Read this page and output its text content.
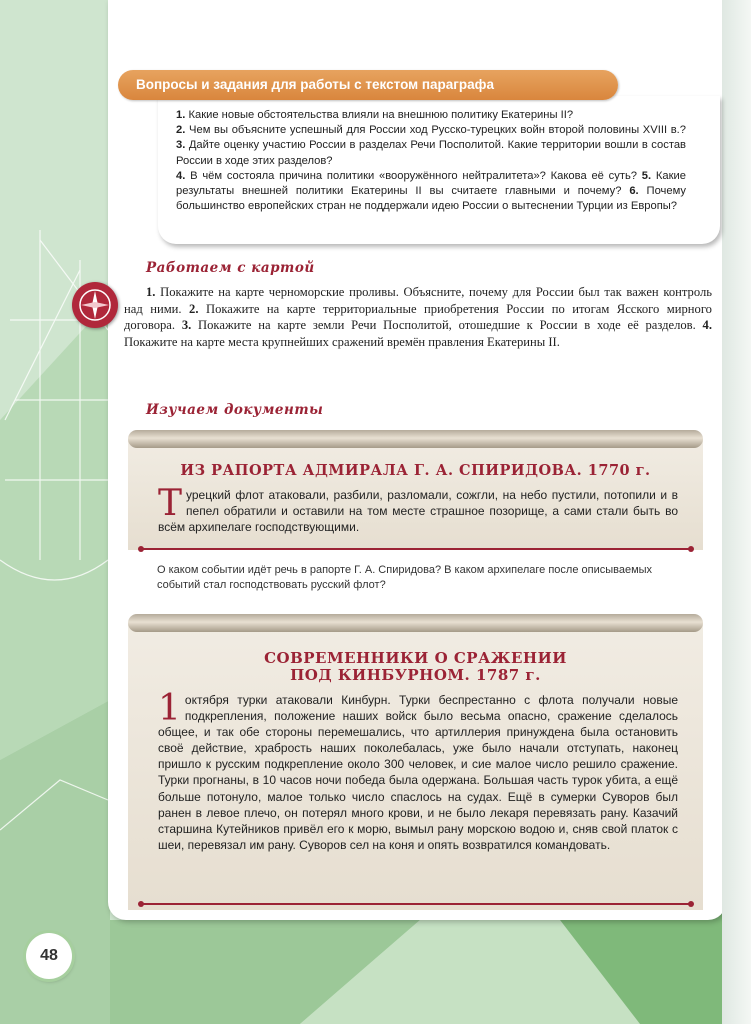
Вопросы и задания для работы с текстом параграфа
1. Какие новые обстоятельства влияли на внешнюю политику Екатерины II?
2. Чем вы объясните успешный для России ход Русско-турецких войн второй половины XVIII в.? 3. Дайте оценку участию России в разделах Речи Посполитой. Какие территории вошли в состав России в ходе этих разделов?
4. В чём состояла причина политики «вооружённого нейтралитета»? Какова её суть? 5. Какие результаты внешней политики Екатерины II вы считаете главными и почему? 6. Почему большинство европейских стран не поддержали идею России о вытеснении Турции из Европы?
Работаем с картой
1. Покажите на карте черноморские проливы. Объясните, почему для России был так важен контроль над ними. 2. Покажите на карте территориальные приобретения России по итогам Ясского мирного договора. 3. Покажите на карте земли Речи Посполитой, отошедшие к России в ходе её разделов. 4. Покажите на карте места крупнейших сражений времён правления Екатерины II.
Изучаем документы
ИЗ РАПОРТА АДМИРАЛА Г. А. СПИРИДОВА. 1770 г.
Турецкий флот атаковали, разбили, разломали, сожгли, на небо пустили, потопили и в пепел обратили и оставили на том месте страшное позорище, а сами стали быть во всём архипелаге господствующими.
О каком событии идёт речь в рапорте Г. А. Спиридова? В каком архипелаге после описываемых событий стал господствовать русский флот?
СОВРЕМЕННИКИ О СРАЖЕНИИ
ПОД КИНБУРНОМ. 1787 г.
1 октября турки атаковали Кинбурн. Турки беспрестанно с флота получали новые подкрепления, положение наших войск было весьма опасно, сражение сделалось общее, и так обе стороны перемешались, что артиллерия принуждена была остановить своё действие, храбрость наших поколебалась, уже было начали отступать, наконец пришло к русским подкрепление около 300 человек, и сие малое число решило сражение. Турки прогнаны, в 10 часов ночи победа была одержана. Большая часть турок убита, а ещё больше потонуло, малое только число спаслось на судах. Ещё в сумерки Суворов был ранен в левое плечо, он потерял много крови, и не было лекаря перевязать рану. Казачий старшина Кутейников привёл его к морю, вымыл рану морскою водою и, сняв свой платок с шеи, перевязал им рану. Суворов сел на коня и опять возвратился командовать.
48
